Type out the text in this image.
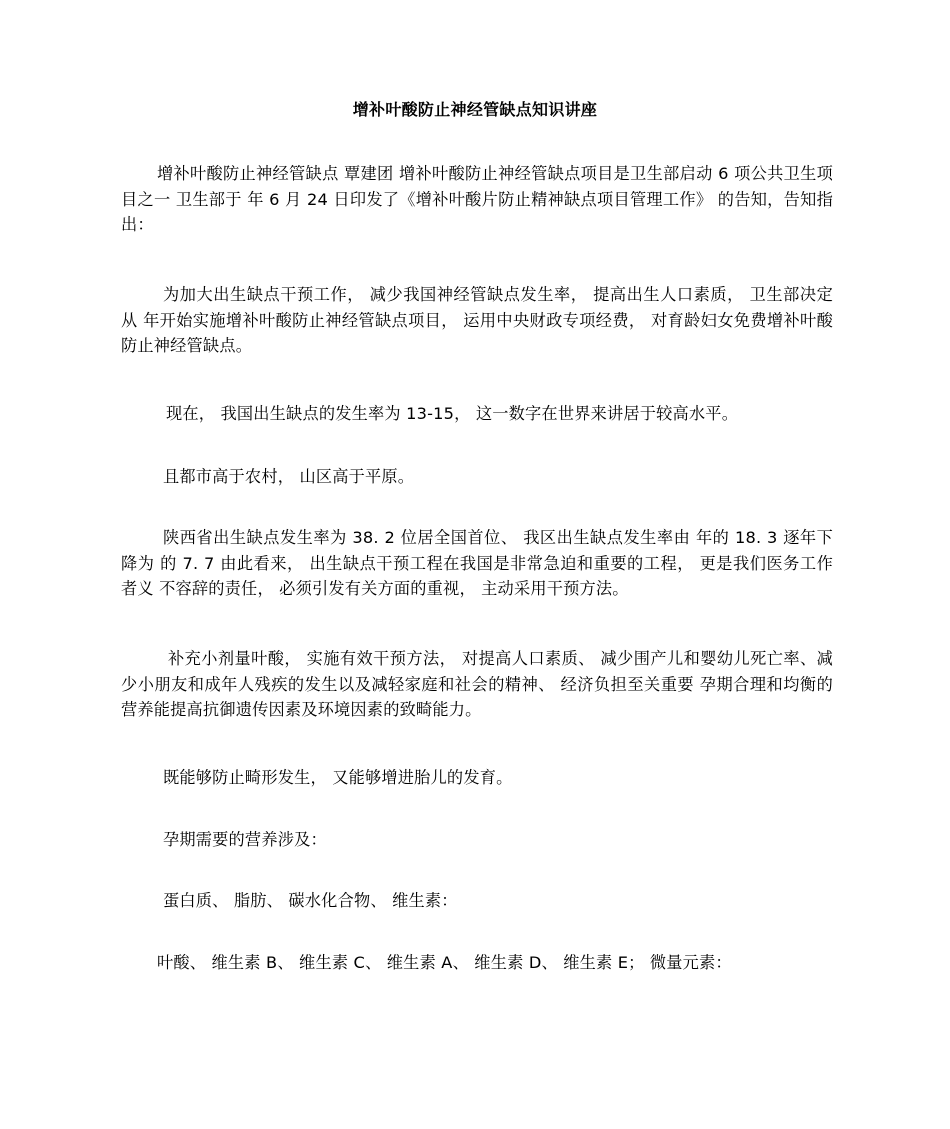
增补叶酸防止神经管缺点知识讲座

增补叶酸防止神经管缺点 覃建团 增补叶酸防止神经管缺点项目是卫生部启动 6 项公共卫生项目之一 卫生部于 年 6 月 24 日印发了《增补叶酸片防止精神缺点项目管理工作》 的告知，告知指出：

为加大出生缺点干预工作， 减少我国神经管缺点发生率， 提高出生人口素质， 卫生部决定从 年开始实施增补叶酸防止神经管缺点项目， 运用中央财政专项经费， 对育龄妇女免费增补叶酸防止神经管缺点。

现在， 我国出生缺点的发生率为 13-15， 这一数字在世界来讲居于较高水平。

且都市高于农村， 山区高于平原。

陕西省出生缺点发生率为 38. 2 位居全国首位、 我区出生缺点发生率由 年的 18. 3 逐年下降为 的 7. 7 由此看来， 出生缺点干预工程在我国是非常急迫和重要的工程， 更是我们医务工作者义 不容辞的责任， 必须引发有关方面的重视， 主动采用干预方法。

补充小剂量叶酸， 实施有效干预方法， 对提高人口素质、 减少围产儿和婴幼儿死亡率、减少小朋友和成年人残疾的发生以及减轻家庭和社会的精神、 经济负担至关重要 孕期合理和均衡的营养能提高抗御遗传因素及环境因素的致畸能力。

既能够防止畸形发生， 又能够增进胎儿的发育。

孕期需要的营养涉及：

蛋白质、 脂肪、 碳水化合物、 维生素：

叶酸、 维生素 B、 维生素 C、 维生素 A、 维生素 D、 维生素 E； 微量元素：
